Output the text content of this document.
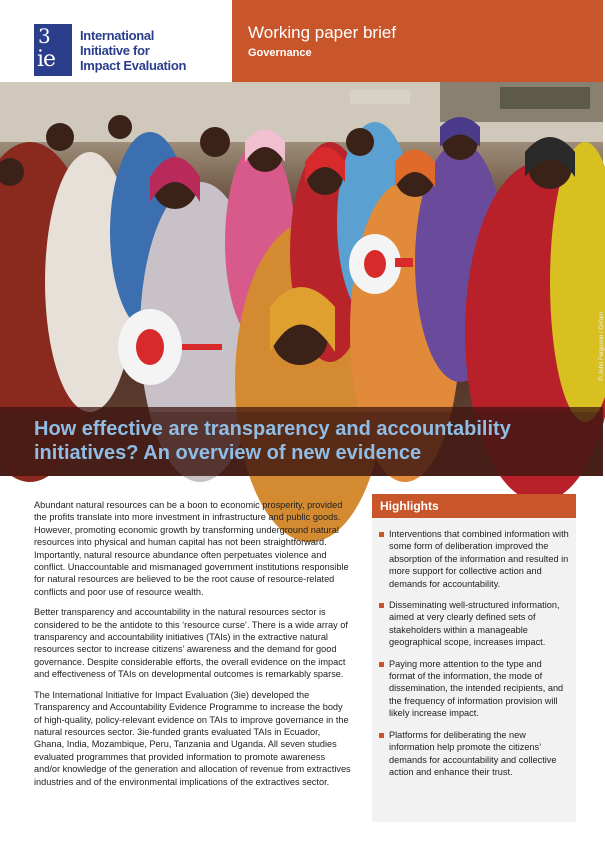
3
ie
International
Initiative for
Impact Evaluation
Working paper brief
Governance
© John Ferguson / Oxfam
How effective are transparency and accountability
initiatives? An overview of new evidence

Abundant natural resources can be a boon to economic prosperity, provided the profits translate into more investment in infrastructure and public goods. However, promoting economic growth by transforming underground natural resources into physical and human capital has not been straightforward. Importantly, natural resource abundance often perpetuates violence and conflict. Unaccountable and mismanaged government institutions responsible for natural resources are believed to be the root cause of resource-related conflicts and poor use of resource wealth.

Better transparency and accountability in the natural resources sector is considered to be the antidote to this ‘resource curse’. There is a wide array of transparency and accountability initiatives (TAIs) in the extractive natural resources sector to increase citizens’ awareness and the demand for good governance. Despite considerable efforts, the overall evidence on the impact and effectiveness of TAIs on developmental outcomes is remarkably sparse.

The International Initiative for Impact Evaluation (3ie) developed the Transparency and Accountability Evidence Programme to increase the body of high-quality, policy-relevant evidence on TAIs to improve governance in the natural resources sector. 3ie-funded grants evaluated TAIs in Ecuador, Ghana, India, Mozambique, Peru, Tanzania and Uganda. All seven studies evaluated programmes that provided information to promote awareness and/or knowledge of the generation and allocation of revenue from extractives industries and of the environmental implications of the extractives sector.

Highlights
Interventions that combined information with some form of deliberation improved the absorption of the information and resulted in more support for collective action and demands for accountability.
Disseminating well-structured information, aimed at very clearly defined sets of stakeholders within a manageable geographical scope, increases impact.
Paying more attention to the type and format of the information, the mode of dissemination, the intended recipients, and the frequency of information provision will likely increase impact.
Platforms for deliberating the new information help promote the citizens’ demands for accountability and collective action and enhance their trust.
